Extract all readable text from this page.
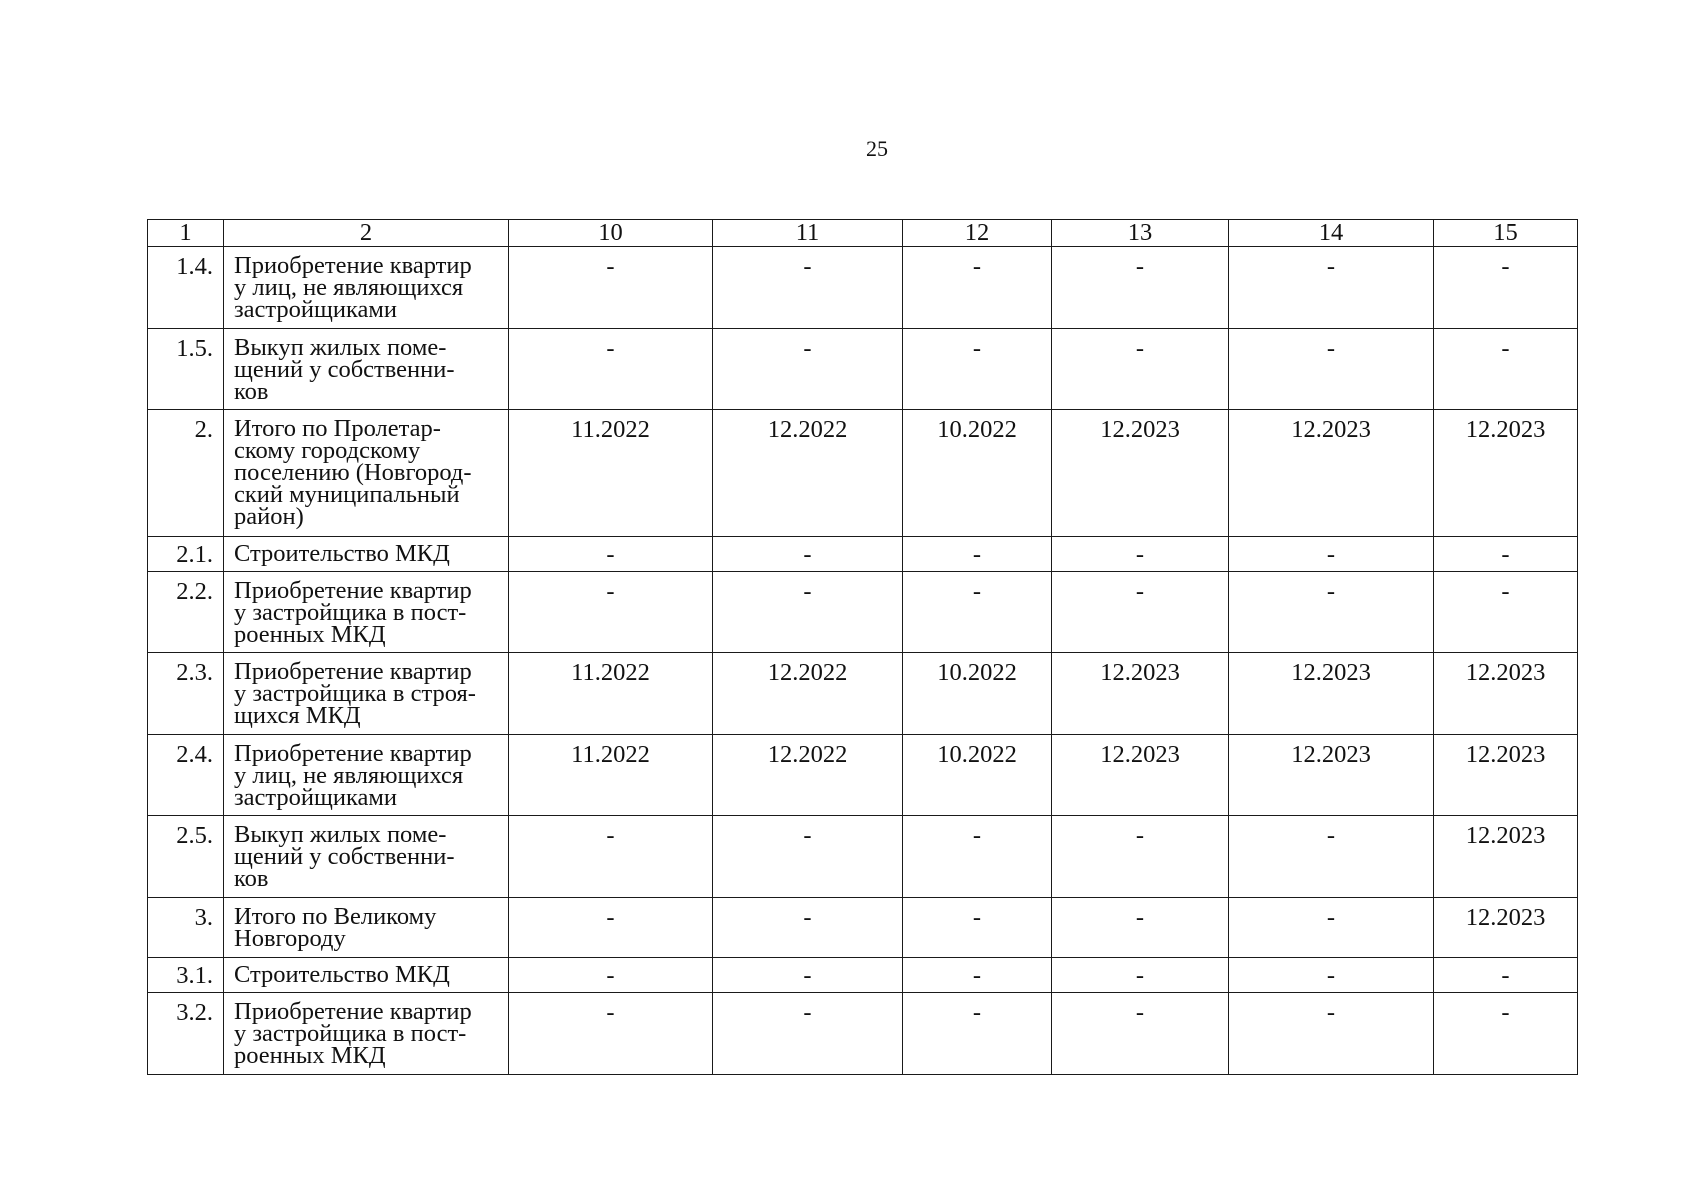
25
1	2	10	11	12	13	14	15
1.4.	Приобретение квартир
у лиц, не являющихся
застройщиками	-	-	-	-	-	-
1.5.	Выкуп жилых поме-
щений у собственни-
ков	-	-	-	-	-	-
2.	Итого по Пролетар-
скому городскому
поселению (Новгород-
ский муниципальный
район)	11.2022	12.2022	10.2022	12.2023	12.2023	12.2023
2.1.	Строительство МКД	-	-	-	-	-	-
2.2.	Приобретение квартир
у застройщика в пост-
роенных МКД	-	-	-	-	-	-
2.3.	Приобретение квартир
у застройщика в строя-
щихся МКД	11.2022	12.2022	10.2022	12.2023	12.2023	12.2023
2.4.	Приобретение квартир
у лиц, не являющихся
застройщиками	11.2022	12.2022	10.2022	12.2023	12.2023	12.2023
2.5.	Выкуп жилых поме-
щений у собственни-
ков	-	-	-	-	-	12.2023
3.	Итого по Великому
Новгороду	-	-	-	-	-	12.2023
3.1.	Строительство МКД	-	-	-	-	-	-
3.2.	Приобретение квартир
у застройщика в пост-
роенных МКД	-	-	-	-	-	-
